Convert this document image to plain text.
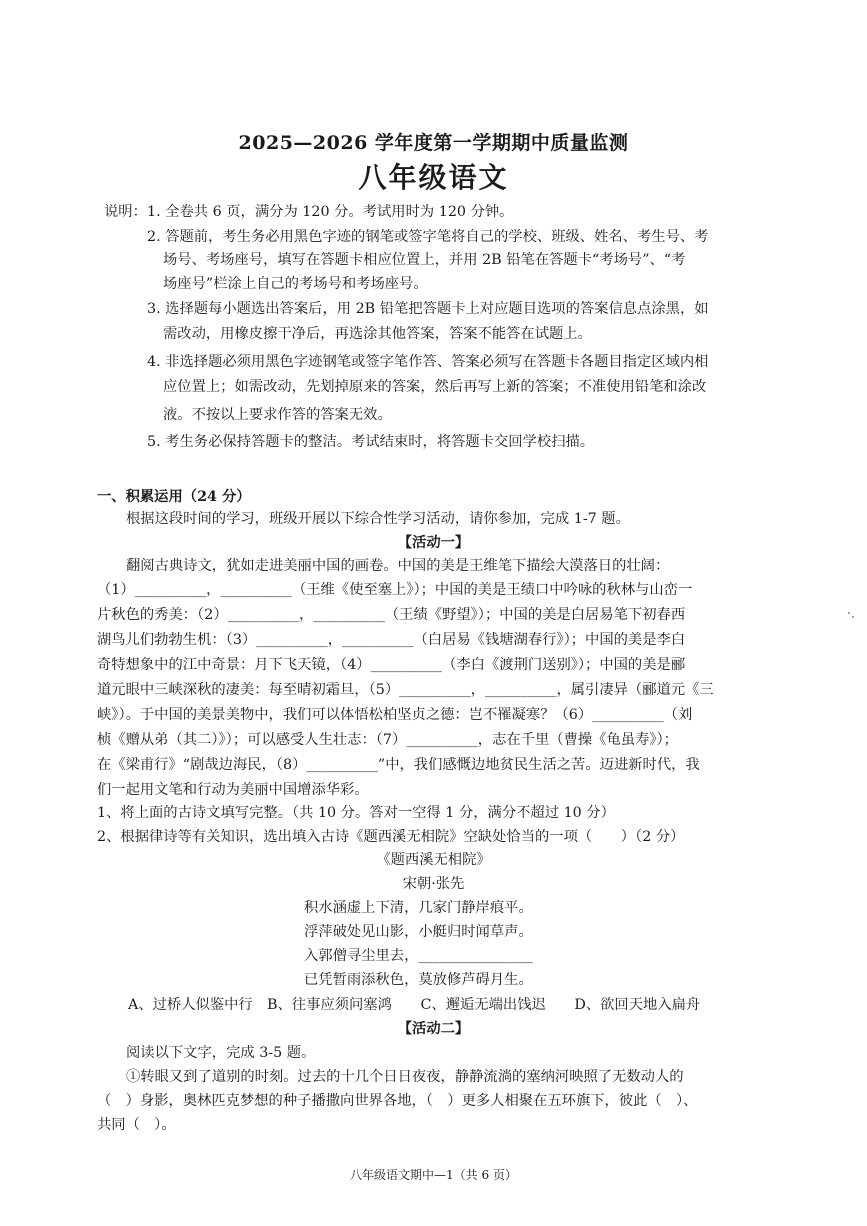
2025—2026 学年度第一学期期中质量监测
八年级语文
说明： 1. 全卷共 6 页，满分为 120 分。考试用时为 120 分钟。
2. 答题前，考生务必用黑色字迹的钢笔或签字笔将自己的学校、班级、姓名、考生号、考
场号、考场座号，填写在答题卡相应位置上，并用 2B 铅笔在答题卡“考场号”、“考
场座号”栏涂上自己的考场号和考场座号。
3. 选择题每小题选出答案后，用 2B 铅笔把答题卡上对应题目选项的答案信息点涂黑，如
需改动，用橡皮擦干净后，再选涂其他答案，答案不能答在试题上。
4. 非选择题必须用黑色字迹钢笔或签字笔作答、答案必须写在答题卡各题目指定区域内相
应位置上；如需改动，先划掉原来的答案，然后再写上新的答案；不准使用铅笔和涂改
液。不按以上要求作答的答案无效。
5. 考生务必保持答题卡的整洁。考试结束时，将答题卡交回学校扫描。
一、积累运用（24 分）
根据这段时间的学习，班级开展以下综合性学习活动，请你参加，完成 1-7 题。
【活动一】
翻阅古典诗文，犹如走进美丽中国的画卷。中国的美是王维笔下描绘大漠落日的壮阔：
（1）__________，__________（王维《使至塞上》）；中国的美是王绩口中吟咏的秋林与山峦一
片秋色的秀美：（2）__________，__________（王绩《野望》）；中国的美是白居易笔下初春西
湖鸟儿们勃勃生机：（3）__________，__________（白居易《钱塘湖春行》）；中国的美是李白
奇特想象中的江中奇景：月下飞天镜，（4）__________（李白《渡荆门送别》）；中国的美是郦
道元眼中三峡深秋的凄美：每至晴初霜旦，（5）__________，__________，属引凄异（郦道元《三
峡》）。于中国的美景美物中，我们可以体悟松柏坚贞之德：岂不罹凝寒？（6）__________（刘
桢《赠从弟（其二）》）；可以感受人生壮志：（7）__________，志在千里（曹操《龟虽寿》）；
在《梁甫行》“剧哉边海民，（8）__________”中，我们感慨边地贫民生活之苦。迈进新时代，我
们一起用文笔和行动为美丽中国增添华彩。
1、将上面的古诗文填写完整。（共 10 分。答对一空得 1 分，满分不超过 10 分）
2、根据律诗等有关知识，选出填入古诗《题西溪无相院》空缺处恰当的一项（　　）（2 分）
《题西溪无相院》
宋朝·张先
积水涵虚上下清，几家门静岸痕平。
浮萍破处见山影，小艇归时闻草声。
入郭僧寻尘里去，________________
已凭暂雨添秋色，莫放修芦碍月生。
A、过桥人似鉴中行　B、往事应须问塞鸿　　C、邂逅无端出饯迟　　D、欲回天地入扁舟
【活动二】
阅读以下文字，完成 3-5 题。
①转眼又到了道别的时刻。过去的十几个日日夜夜，静静流淌的塞纳河映照了无数动人的
（　）身影，奥林匹克梦想的种子播撒向世界各地，（　）更多人相聚在五环旗下，彼此（　）、
共同（　）。
八年级语文期中—1（共 6 页）
